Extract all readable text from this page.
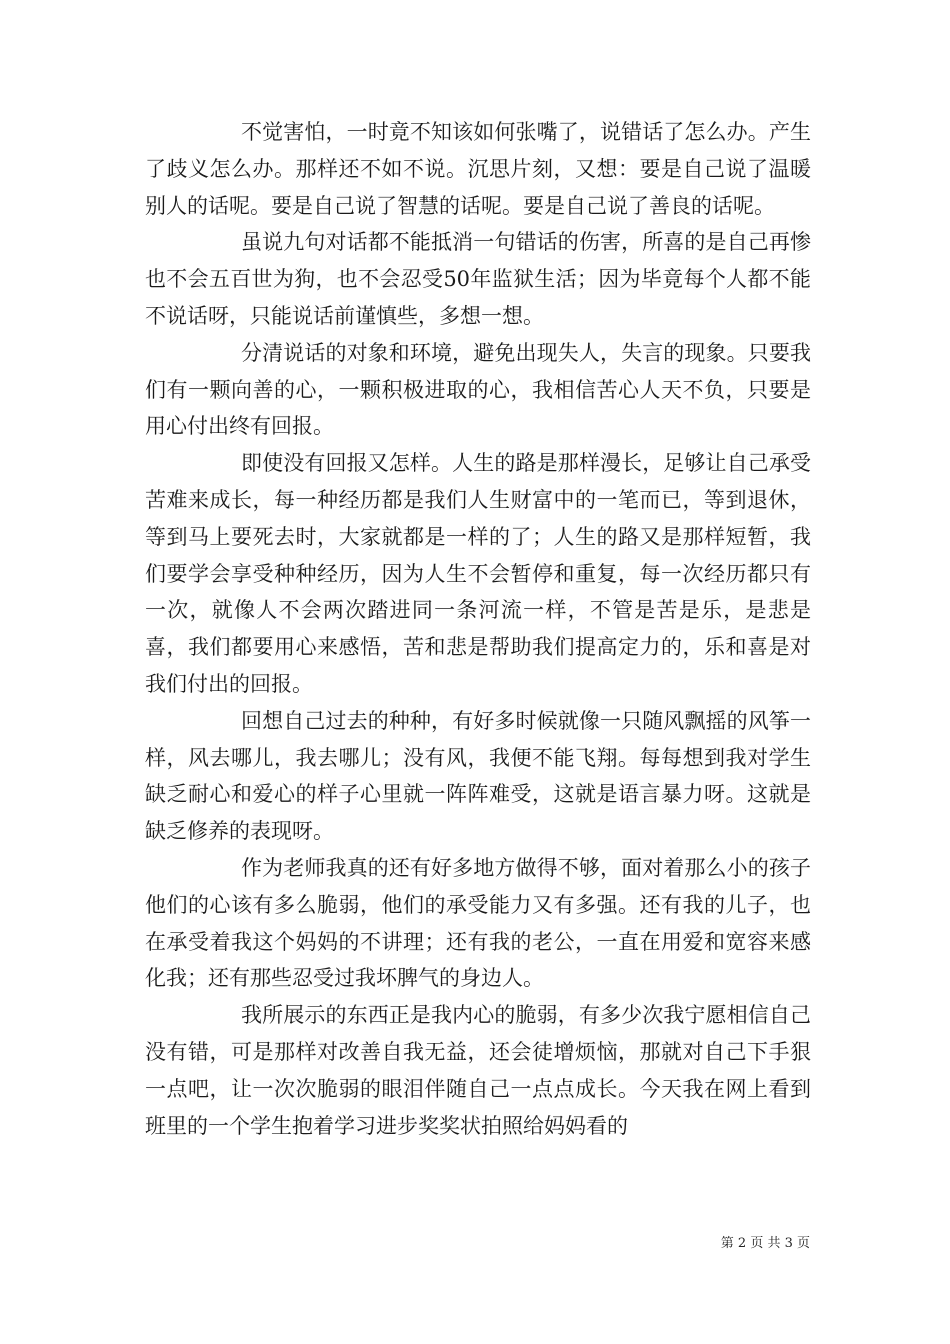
不觉害怕，一时竟不知该如何张嘴了，说错话了怎么办。产生了歧义怎么办。那样还不如不说。沉思片刻，又想：要是自己说了温暖别人的话呢。要是自己说了智慧的话呢。要是自己说了善良的话呢。

虽说九句对话都不能抵消一句错话的伤害，所喜的是自己再惨也不会五百世为狗，也不会忍受50年监狱生活；因为毕竟每个人都不能不说话呀，只能说话前谨慎些，多想一想。

分清说话的对象和环境，避免出现失人，失言的现象。只要我们有一颗向善的心，一颗积极进取的心，我相信苦心人天不负，只要是用心付出终有回报。

即使没有回报又怎样。人生的路是那样漫长，足够让自己承受苦难来成长，每一种经历都是我们人生财富中的一笔而已，等到退休，等到马上要死去时，大家就都是一样的了；人生的路又是那样短暂，我们要学会享受种种经历，因为人生不会暂停和重复，每一次经历都只有一次，就像人不会两次踏进同一条河流一样，不管是苦是乐，是悲是喜，我们都要用心来感悟，苦和悲是帮助我们提高定力的，乐和喜是对我们付出的回报。

回想自己过去的种种，有好多时候就像一只随风飘摇的风筝一样，风去哪儿，我去哪儿；没有风，我便不能飞翔。每每想到我对学生缺乏耐心和爱心的样子心里就一阵阵难受，这就是语言暴力呀。这就是缺乏修养的表现呀。

作为老师我真的还有好多地方做得不够，面对着那么小的孩子他们的心该有多么脆弱，他们的承受能力又有多强。还有我的儿子，也在承受着我这个妈妈的不讲理；还有我的老公，一直在用爱和宽容来感化我；还有那些忍受过我坏脾气的身边人。

我所展示的东西正是我内心的脆弱，有多少次我宁愿相信自己没有错，可是那样对改善自我无益，还会徒增烦恼，那就对自己下手狠一点吧，让一次次脆弱的眼泪伴随自己一点点成长。今天我在网上看到班里的一个学生抱着学习进步奖奖状拍照给妈妈看的

第 2 页 共 3 页
